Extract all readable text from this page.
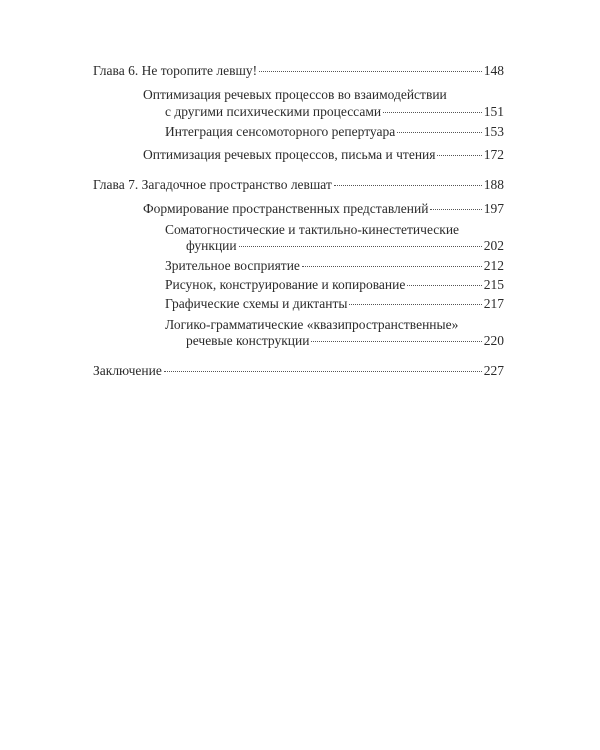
Глава 6. Не торопите левшу!	148
Оптимизация речевых процессов во взаимодействии
с другими психическими процессами	151
Интеграция сенсомоторного репертуара	153
Оптимизация речевых процессов, письма и чтения	172
Глава 7. Загадочное пространство левшат	188
Формирование пространственных представлений	197
Соматогностические и тактильно-кинестетические
функции	202
Зрительное восприятие	212
Рисунок, конструирование и копирование	215
Графические схемы и диктанты	217
Логико-грамматические «квазипространственные»
речевые конструкции	220
Заключение	227
